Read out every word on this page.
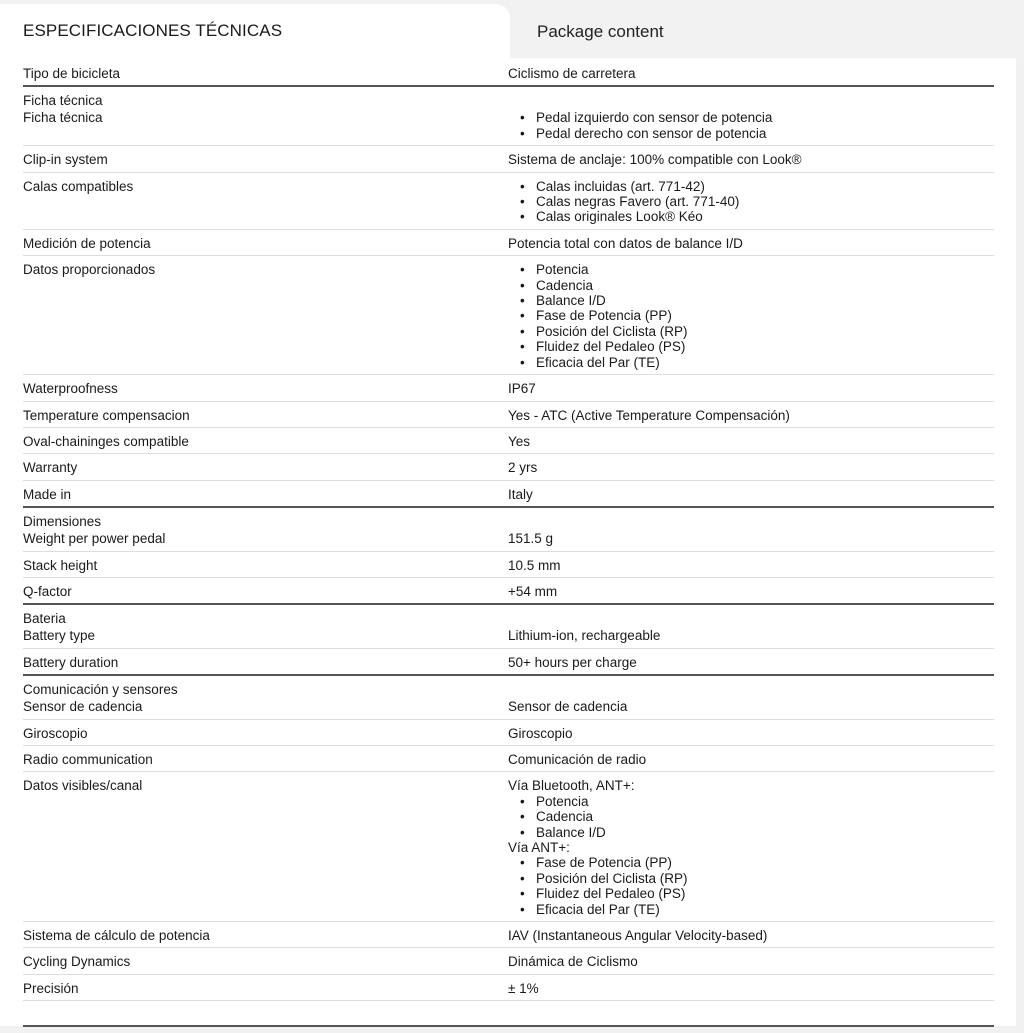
ESPECIFICACIONES TÉCNICAS	Package content
Tipo de bicicleta	Ciclismo de carretera
Ficha técnica
Ficha técnica	• Pedal izquierdo con sensor de potencia
• Pedal derecho con sensor de potencia
Clip-in system	Sistema de anclaje: 100% compatible con Look®
Calas compatibles	• Calas incluidas (art. 771-42)
• Calas negras Favero (art. 771-40)
• Calas originales Look® Kéo
Medición de potencia	Potencia total con datos de balance I/D
Datos proporcionados	• Potencia
• Cadencia
• Balance I/D
• Fase de Potencia (PP)
• Posición del Ciclista (RP)
• Fluidez del Pedaleo (PS)
• Eficacia del Par (TE)
Waterproofness	IP67
Temperature compensacion	Yes - ATC (Active Temperature Compensación)
Oval-chaininges compatible	Yes
Warranty	2 yrs
Made in	Italy
Dimensiones
Weight per power pedal	151.5 g
Stack height	10.5 mm
Q-factor	+54 mm
Bateria
Battery type	Lithium-ion, rechargeable
Battery duration	50+ hours per charge
Comunicación y sensores
Sensor de cadencia	Sensor de cadencia
Giroscopio	Giroscopio
Radio communication	Comunicación de radio
Datos visibles/canal	Vía Bluetooth, ANT+:
• Potencia
• Cadencia
• Balance I/D
Vía ANT+:
• Fase de Potencia (PP)
• Posición del Ciclista (RP)
• Fluidez del Pedaleo (PS)
• Eficacia del Par (TE)
Sistema de cálculo de potencia	IAV (Instantaneous Angular Velocity-based)
Cycling Dynamics	Dinámica de Ciclismo
Precisión	± 1%
